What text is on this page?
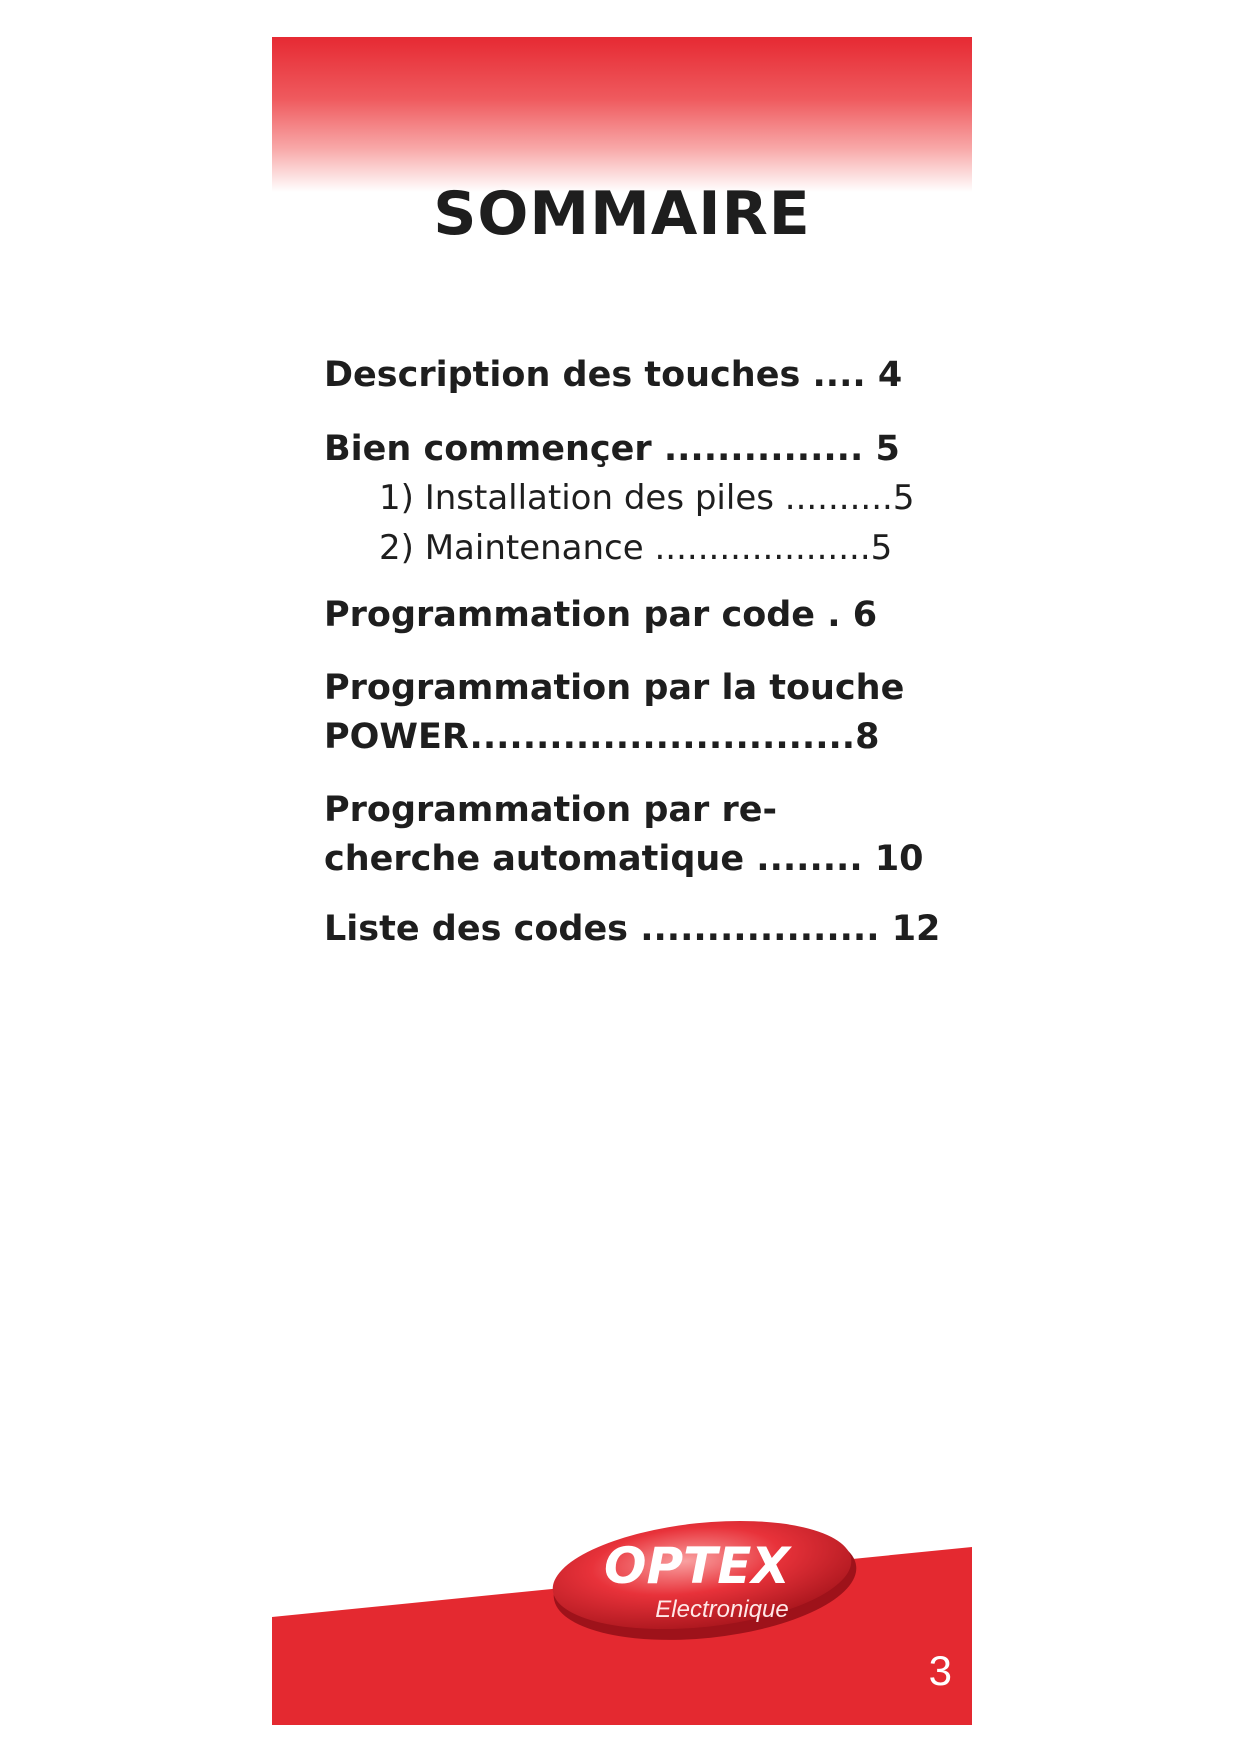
SOMMAIRE

Description des touches .... 4

Bien commençer ............... 5

1) Installation des piles ..........5

2) Maintenance ....................5

Programmation par code . 6

Programmation par la touche

POWER.............................8

Programmation par re-

cherche automatique ........ 10

Liste des codes .................. 12

OPTEX
Electronique
3
